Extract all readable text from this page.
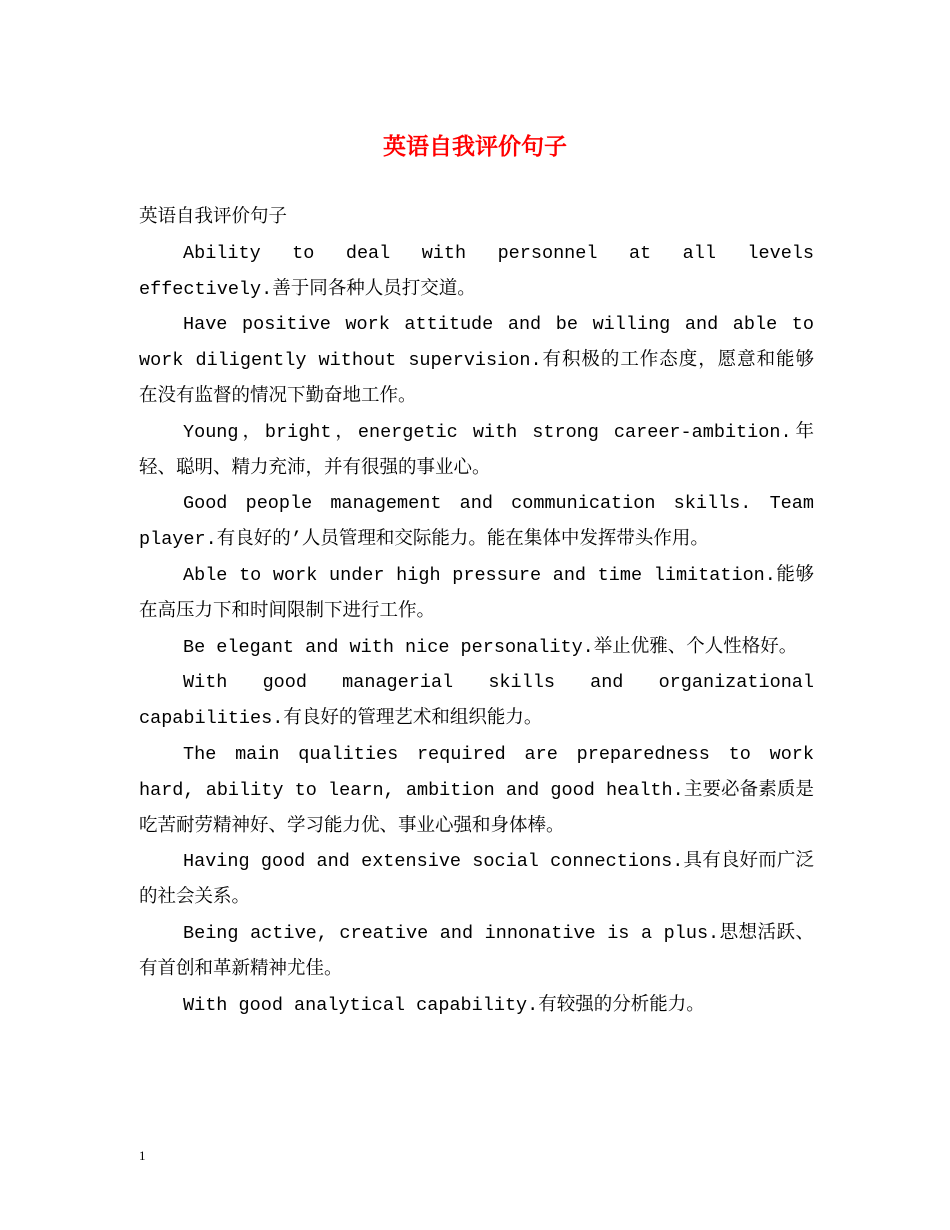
英语自我评价句子

英语自我评价句子

Ability to deal with personnel at all levels effectively.善于同各种人员打交道。

Have positive work attitude and be willing and able to work diligently without supervision.有积极的工作态度，愿意和能够在没有监督的情况下勤奋地工作。

Young，bright，energetic with strong career-ambition.年轻、聪明、精力充沛，并有很强的事业心。

Good people management and communication skills. Team player.有良好的’人员管理和交际能力。能在集体中发挥带头作用。

Able to work under high pressure and time limitation.能够在高压力下和时间限制下进行工作。

Be elegant and with nice personality.举止优雅、个人性格好。

With good managerial skills and organizational capabilities.有良好的管理艺术和组织能力。

The main qualities required are preparedness to work hard, ability to learn, ambition and good health.主要必备素质是吃苦耐劳精神好、学习能力优、事业心强和身体棒。

Having good and extensive social connections.具有良好而广泛的社会关系。

Being active, creative and innonative is a plus.思想活跃、有首创和革新精神尤佳。

With good analytical capability.有较强的分析能力。

1
